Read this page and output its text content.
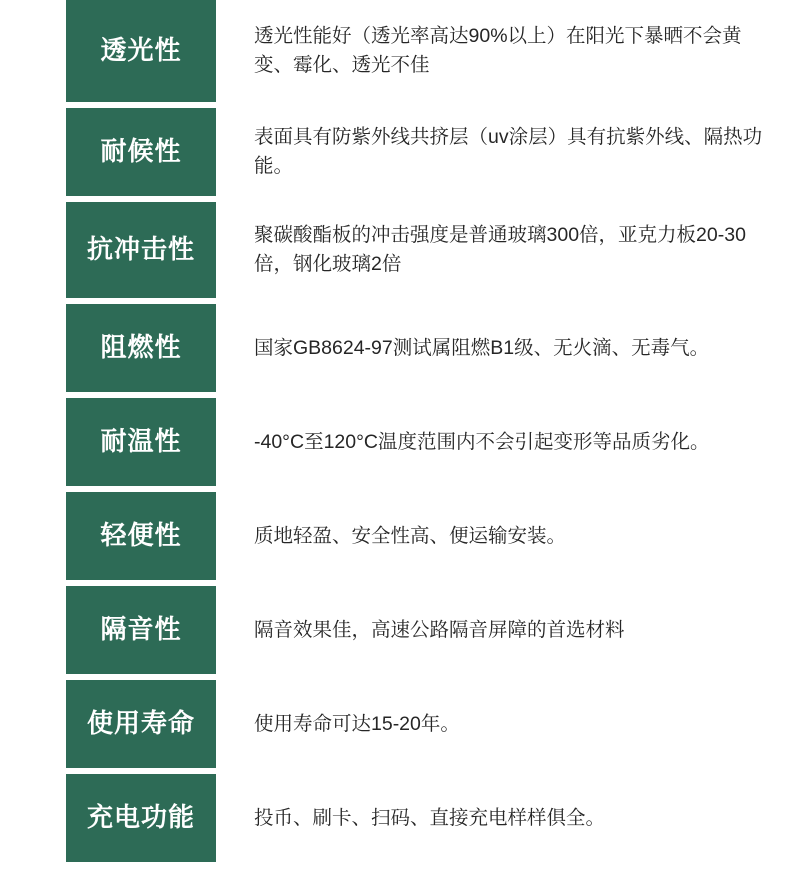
透光性	透光性能好（透光率高达90%以上）在阳光下暴晒不会黄变、霉化、透光不佳
耐候性	表面具有防紫外线共挤层（uv涂层）具有抗紫外线、隔热功能。
抗冲击性	聚碳酸酯板的冲击强度是普通玻璃300倍，亚克力板20-30倍，钢化玻璃2倍
阻燃性	国家GB8624-97测试属阻燃B1级、无火滴、无毒气。
耐温性	-40°C至120°C温度范围内不会引起变形等品质劣化。
轻便性	质地轻盈、安全性高、便运输安装。
隔音性	隔音效果佳，高速公路隔音屏障的首选材料
使用寿命	使用寿命可达15-20年。
充电功能	投币、刷卡、扫码、直接充电样样俱全。
